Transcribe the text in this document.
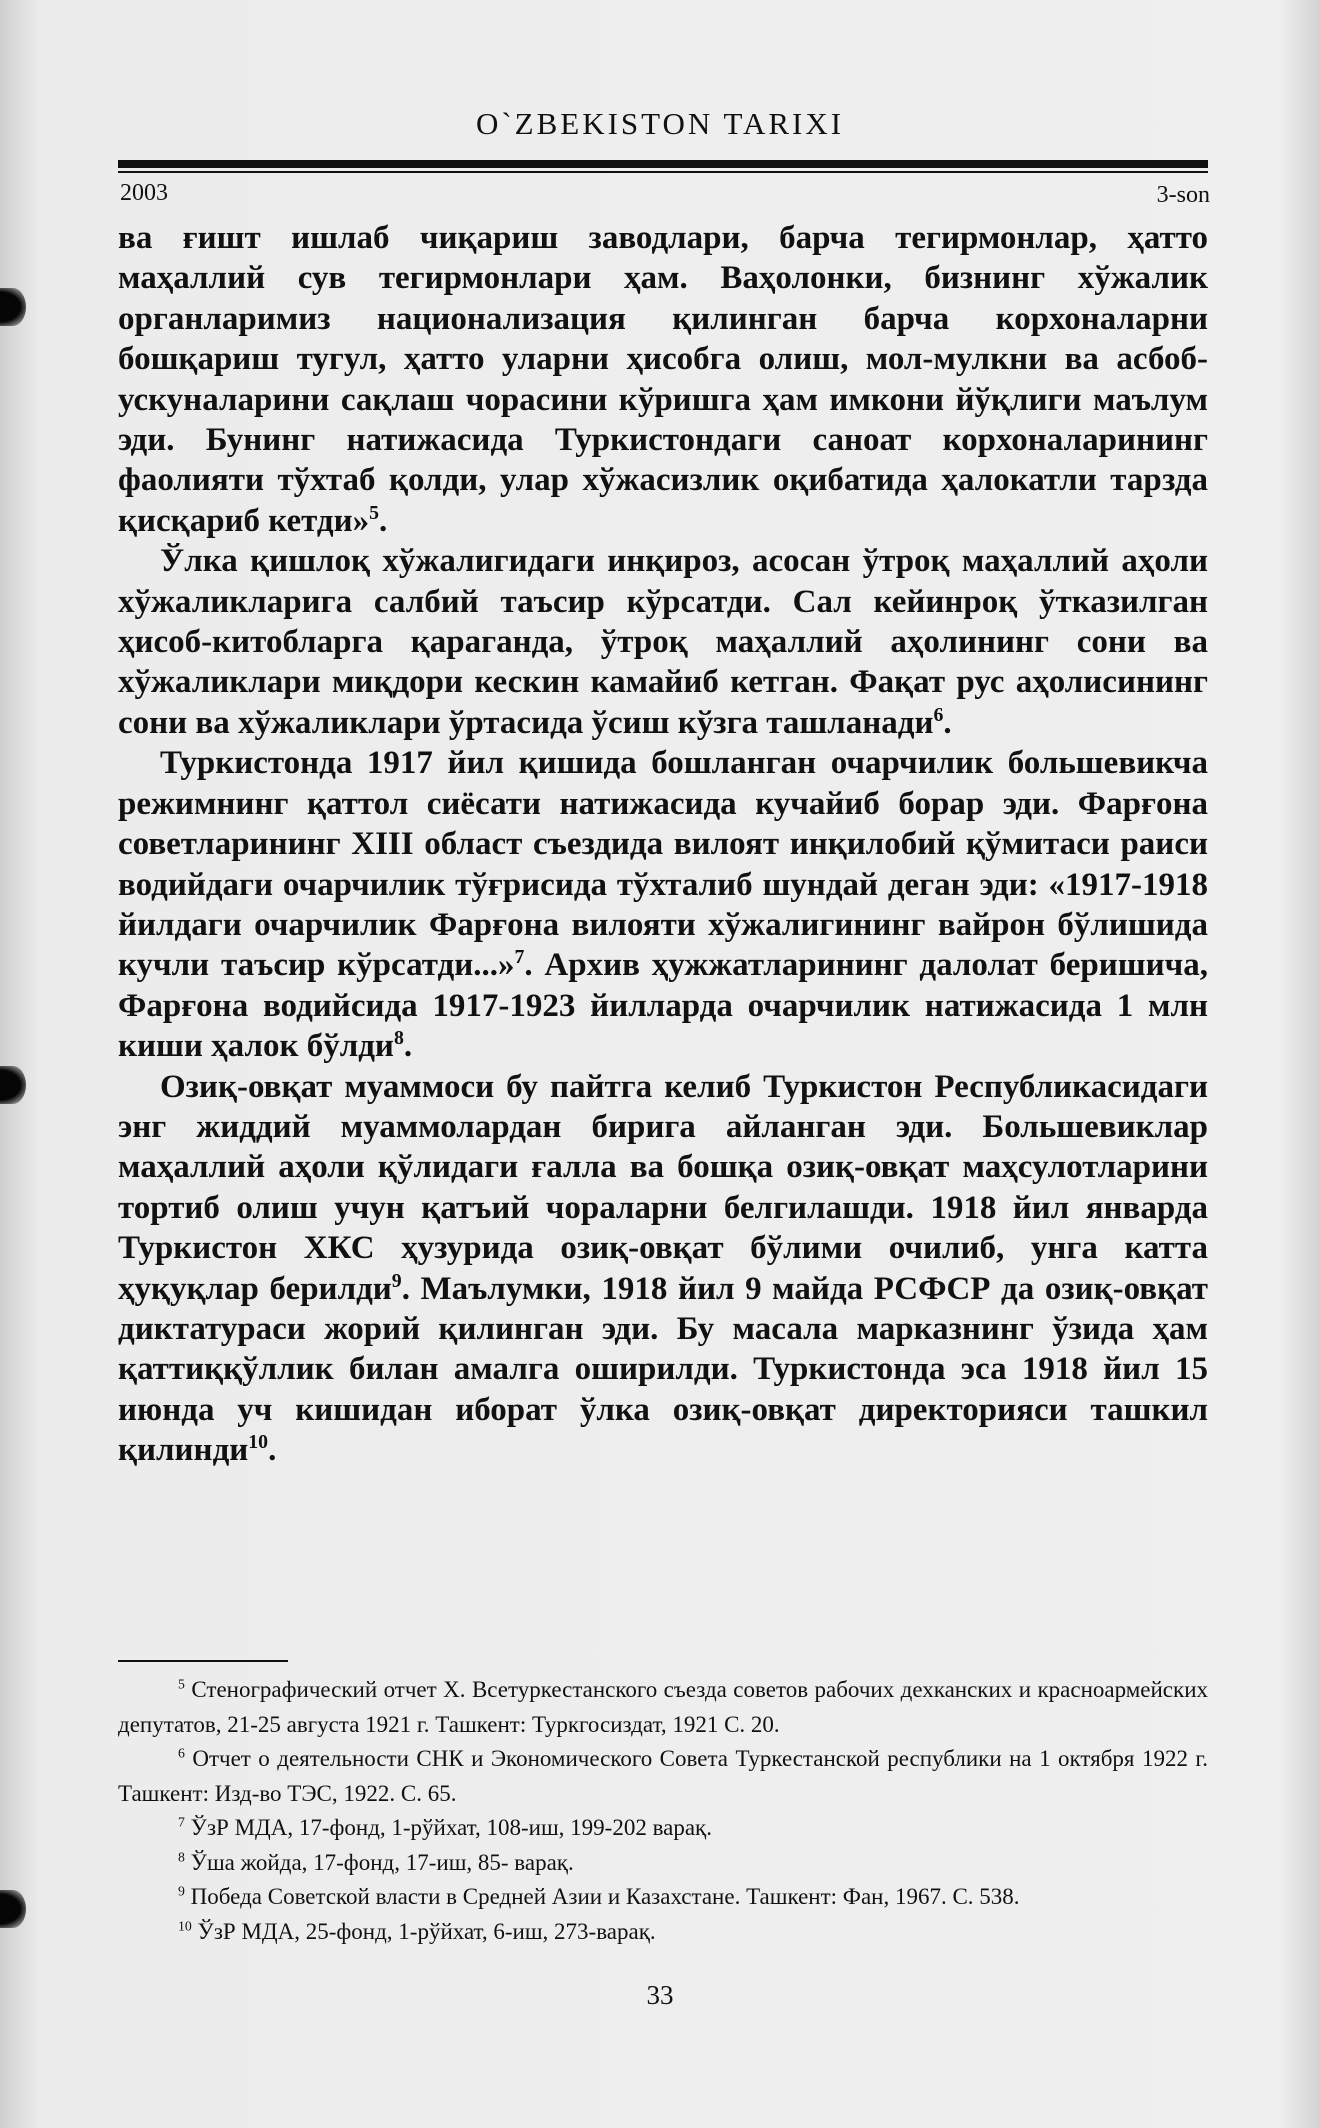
O`ZBEKISTON TARIXI
2003	3-son

ва ғишт ишлаб чиқариш заводлари, барча тегирмонлар, ҳатто маҳаллий сув тегирмонлари ҳам. Ваҳолонки, бизнинг хўжалик органларимиз национализация қилинган барча корхоналарни бошқариш тугул, ҳатто уларни ҳисобга олиш, мол-мулкни ва асбоб-ускуналарини сақлаш чорасини кўришга ҳам имкони йўқлиги маълум эди. Бунинг натижасида Туркистондаги саноат корхоналарининг фаолияти тўхтаб қолди, улар хўжасизлик оқибатида ҳалокатли тарзда қисқариб кетди»$^5$.

Ўлка қишлоқ хўжалигидаги инқироз, асосан ўтроқ маҳаллий аҳоли хўжаликларига салбий таъсир кўрсатди. Сал кейинроқ ўтказилган ҳисоб-китобларга қараганда, ўтроқ маҳаллий аҳолининг сони ва хўжаликлари миқдори кескин камайиб кетган. Фақат рус аҳолисининг сони ва хўжаликлари ўртасида ўсиш кўзга ташланади$^6$.

Туркистонда 1917 йил қишида бошланган очарчилик большевикча режимнинг қаттол сиёсати натижасида кучайиб борар эди. Фарғона советларининг XIII област съездида вилоят инқилобий қўмитаси раиси водийдаги очарчилик тўғрисида тўхталиб шундай деган эди: «1917-1918 йилдаги очарчилик Фарғона вилояти хўжалигининг вайрон бўлишида кучли таъсир кўрсатди...»$^7$. Архив ҳужжатларининг далолат беришича, Фарғона водийсида 1917-1923 йилларда очарчилик натижасида 1 млн киши ҳалок бўлди$^8$.

Озиқ-овқат муаммоси бу пайтга келиб Туркистон Республикасидаги энг жиддий муаммолардан бирига айланган эди. Большевиклар маҳаллий аҳоли қўлидаги ғалла ва бошқа озиқ-овқат маҳсулотларини тортиб олиш учун қатъий чораларни белгилашди. 1918 йил январда Туркистон ХКС ҳузурида озиқ-овқат бўлими очилиб, унга катта ҳуқуқлар берилди$^9$. Маълумки, 1918 йил 9 майда РСФСР да озиқ-овқат диктатураси жорий қилинган эди. Бу масала марказнинг ўзида ҳам қаттиққўллик билан амалга оширилди. Туркистонда эса 1918 йил 15 июнда уч кишидан иборат ўлка озиқ-овқат директорияси ташкил қилинди$^{10}$.

$^5$ Стенографический отчет Х. Всетуркестанского съезда советов рабочих дехканских и красноармейских депутатов, 21-25 августа 1921 г. Ташкент: Туркгосиздат, 1921 С. 20.

$^6$ Отчет о деятельности СНК и Экономического Совета Туркестанской республики на 1 октября 1922 г. Ташкент: Изд-во ТЭС, 1922. С. 65.

$^7$ ЎзР МДА, 17-фонд, 1-рўйхат, 108-иш, 199-202 варақ.

$^8$ Ўша жойда, 17-фонд, 17-иш, 85- варақ.

$^9$ Победа Советской власти в Средней Азии и Казахстане. Ташкент: Фан, 1967. С. 538.

$^{10}$ ЎзР МДА, 25-фонд, 1-рўйхат, 6-иш, 273-варақ.

33
